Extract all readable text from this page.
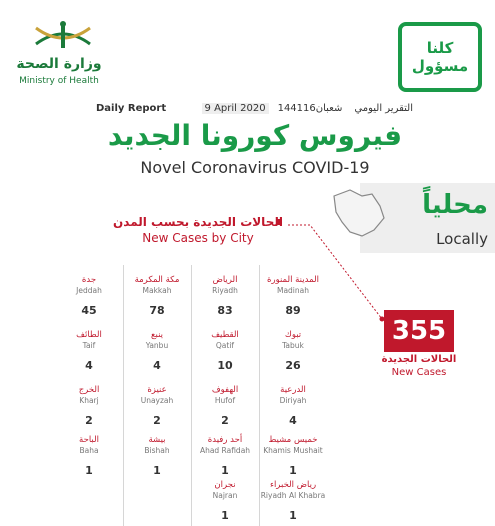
وزارة الصحة
Ministry of Health
كلنا
مسؤول
Daily Report	9 April 2020	1441شعبان16	التقرير اليومي
فيروس كورونا الجديد
Novel Coronavirus COVID-19
محلياً
Locally
الحالات الجديدة بحسب المدن
New Cases by City
355
الحالات الجديدة
New Cases
المدينة المنورة
Madinah
89
الرياض
Riyadh
83
مكة المكرمة
Makkah
78
جدة
Jeddah
45
تبوك
Tabuk
26
القطيف
Qatif
10
ينبع
Yanbu
4
الطائف
Taif
4
الدرعية
Diriyah
4
الهفوف
Hufof
2
عنيزة
Unayzah
2
الخرج
Kharj
2
خميس مشيط
Khamis Mushait
1
أحد رفيدة
Ahad Rafidah
1
بيشة
Bishah
1
الباحة
Baha
1
رياض الخبراء
Riyadh Al Khabra
1
نجران
Najran
1
